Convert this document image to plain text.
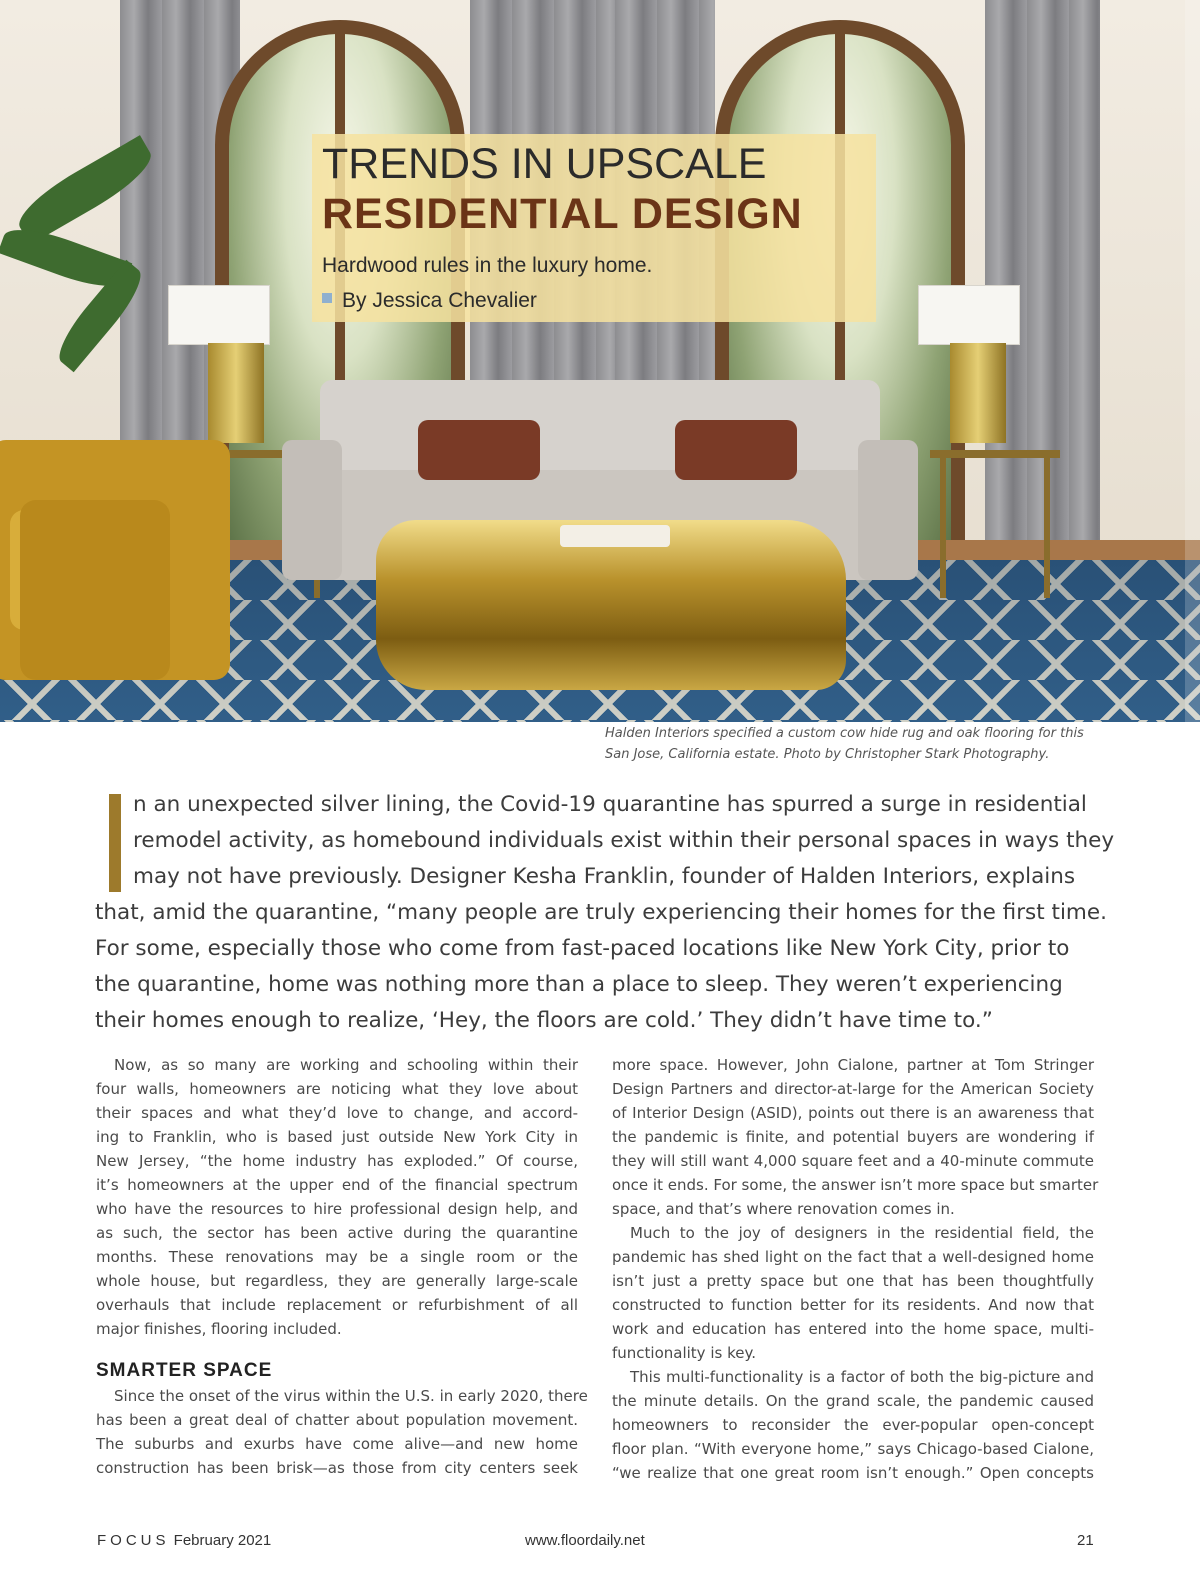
TRENDS IN UPSCALE
RESIDENTIAL DESIGN
Hardwood rules in the luxury home.
By Jessica Chevalier
Halden Interiors specified a custom cow hide rug and oak flooring for this
San Jose, California estate. Photo by Christopher Stark Photography.
n an unexpected silver lining, the Covid-19 quarantine has spurred a surge in residential
remodel activity, as homebound individuals exist within their personal spaces in ways they
may not have previously. Designer Kesha Franklin, founder of Halden Interiors, explains
that, amid the quarantine, “many people are truly experiencing their homes for the first time.
For some, especially those who come from fast-paced locations like New York City, prior to
the quarantine, home was nothing more than a place to sleep. They weren’t experiencing
their homes enough to realize, ‘Hey, the floors are cold.’ They didn’t have time to.”
Now, as so many are working and schooling within their
four walls, homeowners are noticing what they love about
their spaces and what they’d love to change, and accord-
ing to Franklin, who is based just outside New York City in
New Jersey, “the home industry has exploded.” Of course,
it’s homeowners at the upper end of the financial spectrum
who have the resources to hire professional design help, and
as such, the sector has been active during the quarantine
months. These renovations may be a single room or the
whole house, but regardless, they are generally large-scale
overhauls that include replacement or refurbishment of all
major finishes, flooring included.
SMARTER SPACE
Since the onset of the virus within the U.S. in early 2020, there
has been a great deal of chatter about population movement.
The suburbs and exurbs have come alive—and new home
construction has been brisk—as those from city centers seek
more space. However, John Cialone, partner at Tom Stringer
Design Partners and director-at-large for the American Society
of Interior Design (ASID), points out there is an awareness that
the pandemic is finite, and potential buyers are wondering if
they will still want 4,000 square feet and a 40-minute commute
once it ends. For some, the answer isn’t more space but smarter
space, and that’s where renovation comes in.
Much to the joy of designers in the residential field, the
pandemic has shed light on the fact that a well-designed home
isn’t just a pretty space but one that has been thoughtfully
constructed to function better for its residents. And now that
work and education has entered into the home space, multi-
functionality is key.
This multi-functionality is a factor of both the big-picture and
the minute details. On the grand scale, the pandemic caused
homeowners to reconsider the ever-popular open-concept
floor plan. “With everyone home,” says Chicago-based Cialone,
“we realize that one great room isn’t enough.” Open concepts
FOCUS February 2021	www.floordaily.net	21
